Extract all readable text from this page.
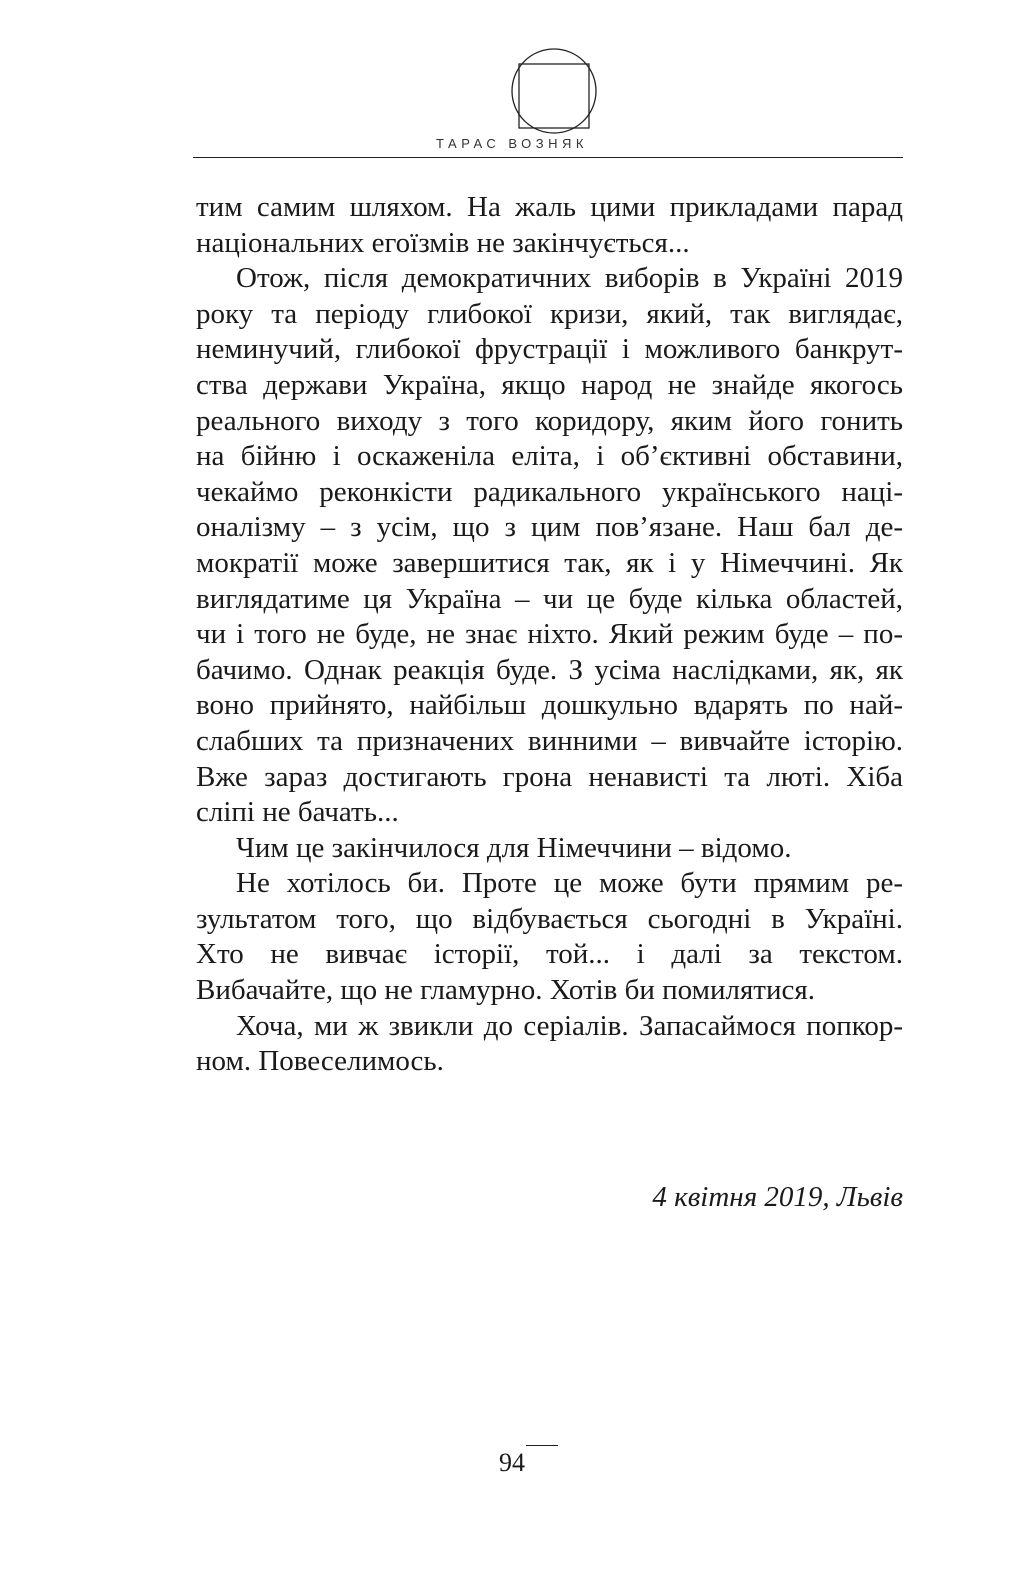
ТАРАС ВОЗНЯК
тим самим шляхом. На жаль цими прикладами парад
національних егоїзмів не закінчується...
Отож, після демократичних виборів в Україні 2019
року та періоду глибокої кризи, який, так виглядає,
неминучий, глибокої фрустрації і можливого банкрут-
ства держави Україна, якщо народ не знайде якогось
реального виходу з того коридору, яким його гонить
на бійню і оскаженіла еліта, і об’єктивні обставини,
чекаймо реконкісти радикального українського наці-
оналізму – з усім, що з цим пов’язане. Наш бал де-
мократії може завершитися так, як і у Німеччині. Як
виглядатиме ця Україна – чи це буде кілька областей,
чи і того не буде, не знає ніхто. Який режим буде – по-
бачимо. Однак реакція буде. З усіма наслідками, як, як
воно прийнято, найбільш дошкульно вдарять по най-
слабших та призначених винними – вивчайте історію.
Вже зараз достигають грона ненависті та люті. Хіба
сліпі не бачать...
Чим це закінчилося для Німеччини – відомо.
Не хотілось би. Проте це може бути прямим ре-
зультатом того, що відбувається сьогодні в Україні.
Хто не вивчає історії, той... і далі за текстом.
Вибачайте, що не гламурно. Хотів би помилятися.
Хоча, ми ж звикли до серіалів. Запасаймося попкор-
ном. Повеселимось.
4 квітня 2019, Львів
94
